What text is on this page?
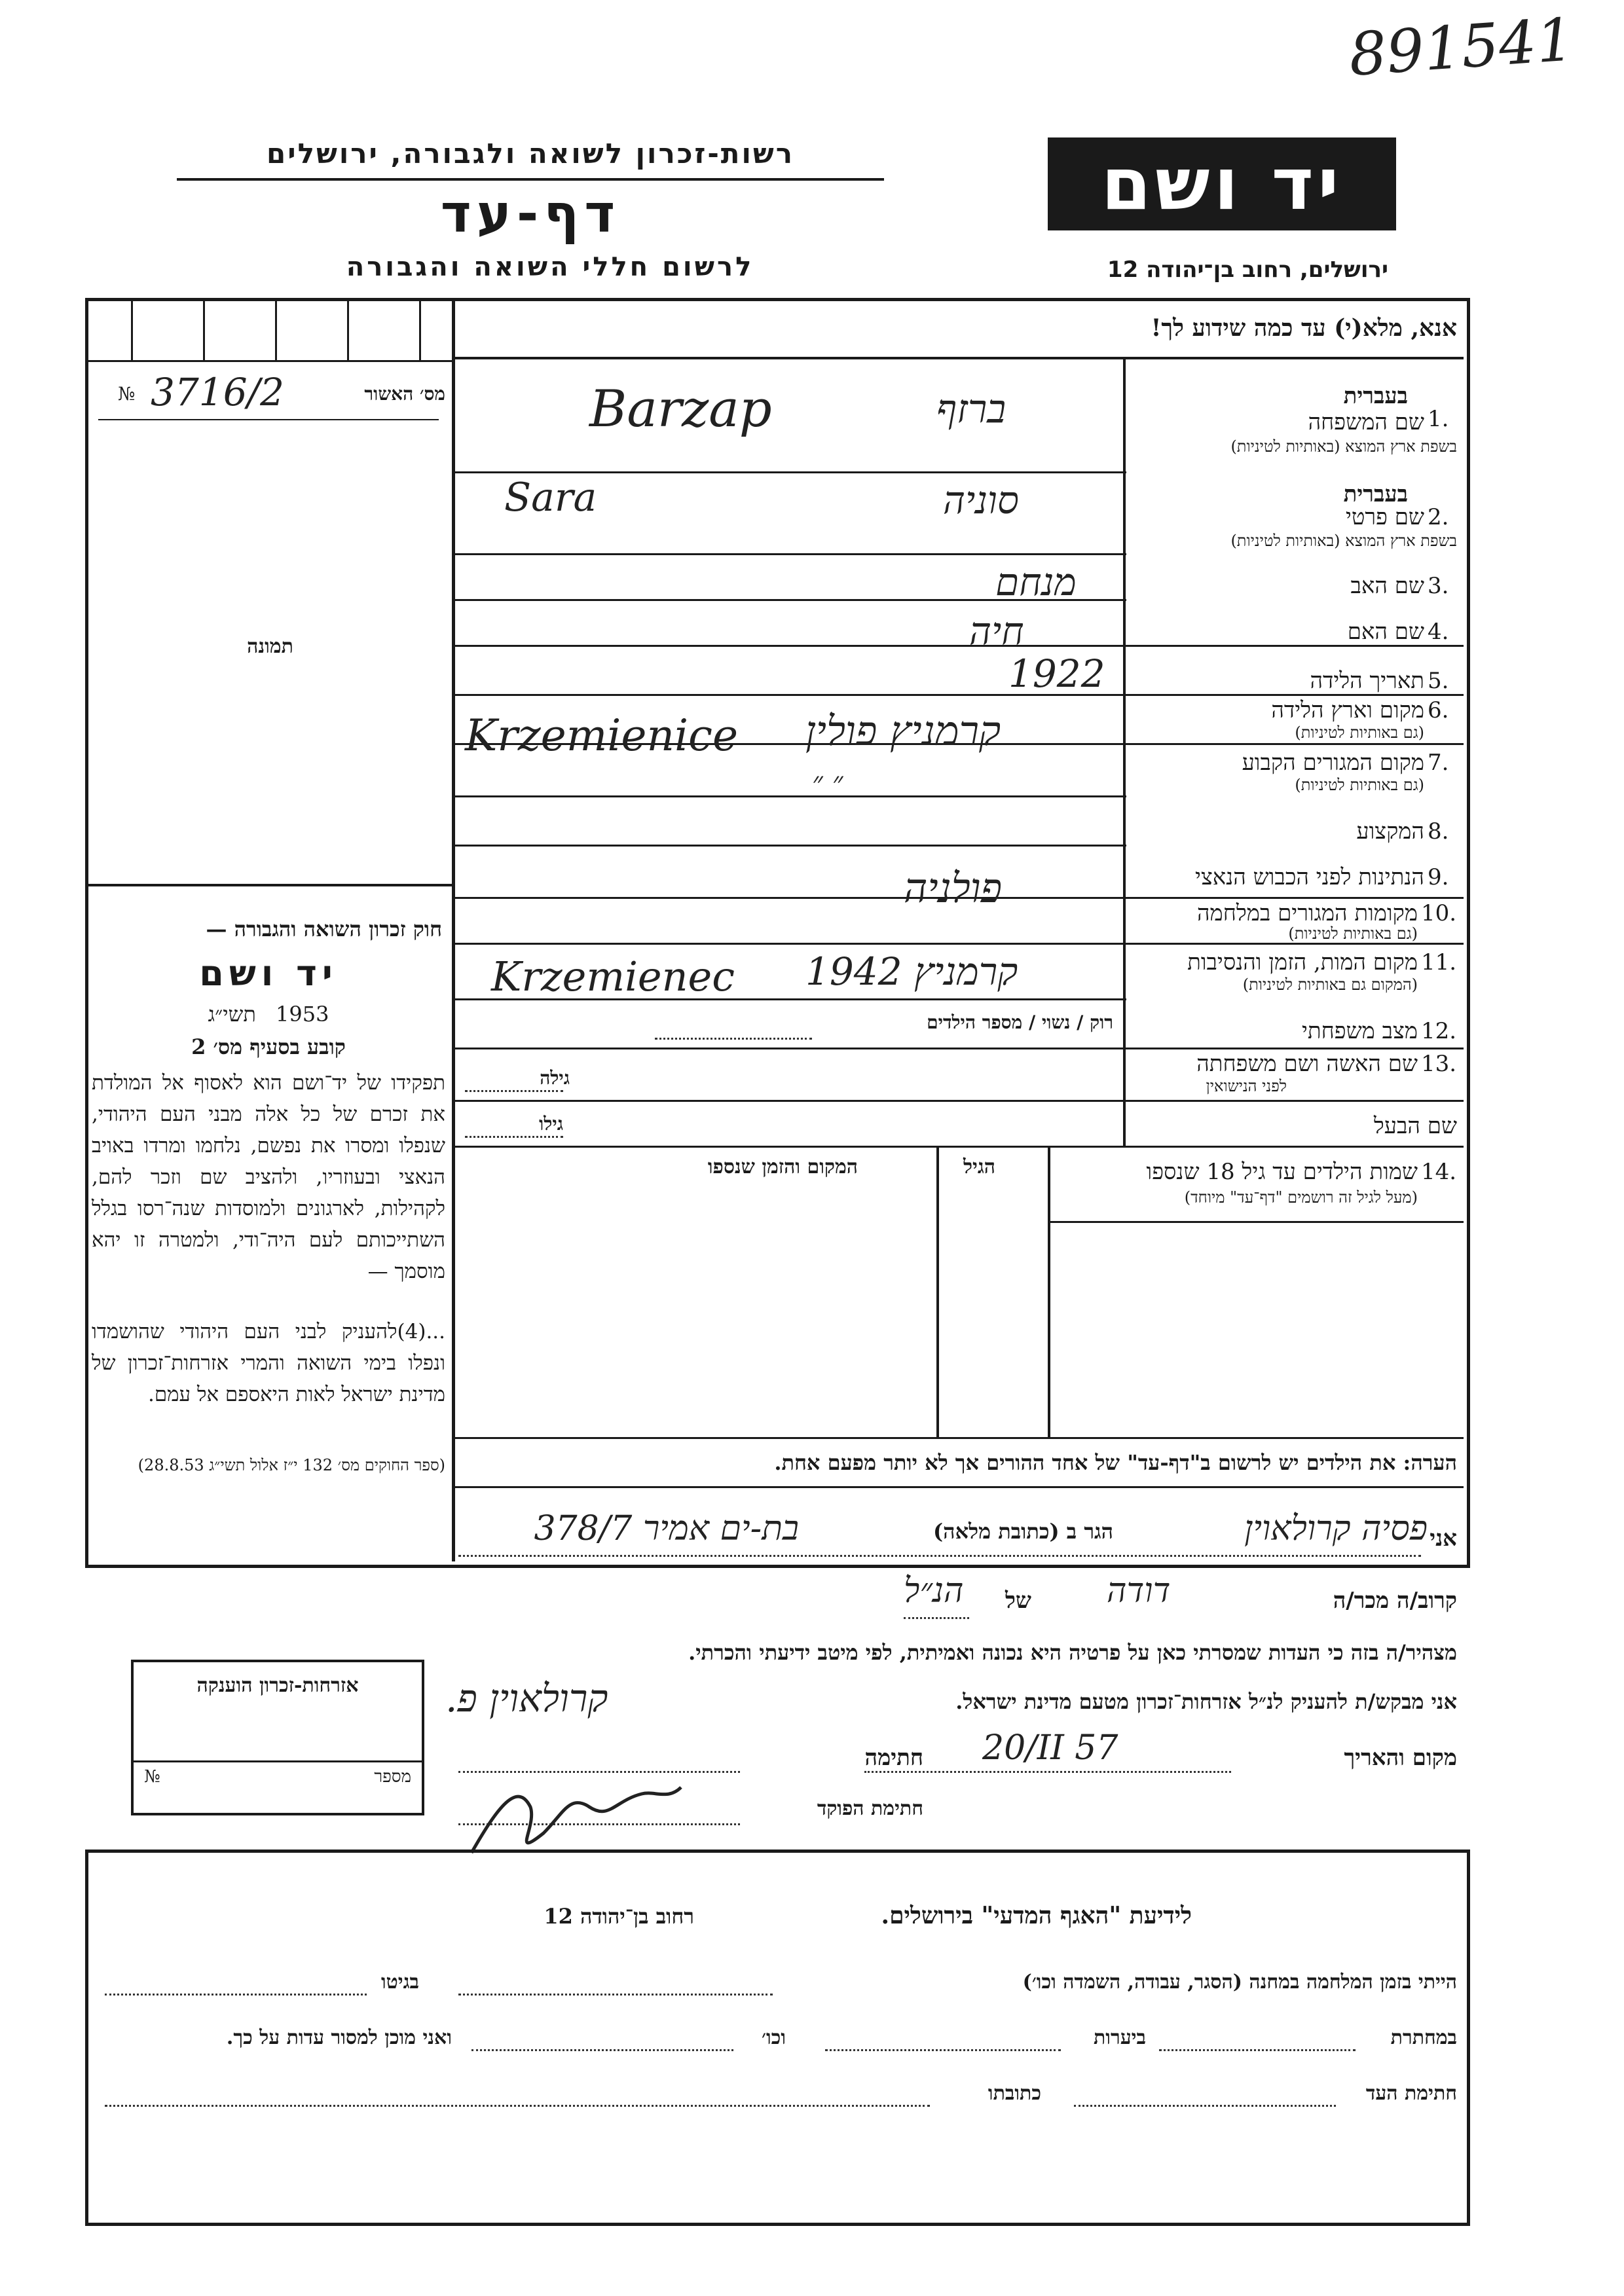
891541
יד ושם
רשות-זכרון לשואה ולגבורה, ירושלים
דף-עד
לרשום חללי השואה והגבורה	ירושלים, רחוב בן־יהודה 12
אנא, מלא(י) עד כמה שידוע לך!
מס׳ האשור
№ 3716/2
תמונה
חוק זכרון השואה והגבורה —
יד ושם
תשי״ג 1953
קובע בסעיף מס׳ 2
תפקידו של יד־ושם הוא לאסוף אל המולדת את זכרם של כל אלה מבני העם היהודי, שנפלו ומסרו את נפשם, נלחמו ומרדו באויב הנאצי ובעוזריו, ולהציב שם וזכר להם, לקהילות, לארגונים ולמוסדות שנה־רסו בגלל השתייכותם לעם היה־ודי, ולמטרה זו יהא מוסמך —
...(4)להעניק לבני העם היהודי שהושמדו ונפלו בימי השואה והמרי אזרחות־זכרון של מדינת ישראל לאות היאספם אל עמם.
(ספר החוקים מס׳ 132 י״ז אלול תשי״ג 28.8.53)
בעברית
1.
שם המשפחה
בשפת ארץ המוצא (באותיות לטיניות)
ברזף
Barzap
בעברית
2.
שם פרטי
בשפת ארץ המוצא (באותיות לטיניות)
סוניה
Sara
3.
שם האב
מנחם
4.
שם האם
חיה
5.
תאריך הלידה
1922
6.
מקום וארץ הלידה
(גם באותיות לטיניות)
קרמניץ פולין
Krzemienice
7.
מקום המגורים הקבוע
(גם באותיות לטיניות)
״ ״
8.
המקצוע
9.
הנתינות לפני הכבוש הנאצי
פולניה
10.
מקומות המגורים במלחמה
(גם באותיות לטיניות)
11.
מקום המות, הזמן והנסיבות
(המקום גם באותיות לטיניות)
קרמניץ 1942
Krzemienec
12.
מצב משפחתי
רוק / נשוי / מספר הילדים
13.
שם האשה ושם משפחתה
לפני הנישואין
גילה
שם הבעל
גילו
14.
שמות הילדים עד גיל 18 שנספו
(מעל לגיל זה רושמים "דף־עד" מיוחד)
הגיל
המקום והזמן שנספו
הערה: את הילדים יש לרשום ב"דף-עד" של אחד ההורים אך לא יותר מפעם אחת.
אזרחות-זכרון הוענקה
מספר
№
אני
פסיה קרולאוין
הגר ב (כתובת מלאה)
בת-ים אמיר 378/7
קרוב/ה מכר/ה
דודה
של
הנ״ל
מצהיר/ה בזה כי העדות שמסרתי כאן על פרטיה היא נכונה ואמיתית, לפי מיטב ידיעתי והכרתי.
אני מבקש/ת להעניק לנ״ל אזרחות־זכרון מטעם מדינת ישראל.
קרולאוין פ.
מקום והאריך
20/II 57
חתימה
חתימת הפוקד
לידיעת "האגף המדעי" בירושלים.
רחוב בן־יהודה 12
הייתי בזמן המלחמה במחנה (הסגר, עבודה, השמדה וכו׳)
בגיטו
במחתרת
ביערות
וכו׳
ואני מוכן למסור עדות על כך.
חתימת העד
כתובתו
